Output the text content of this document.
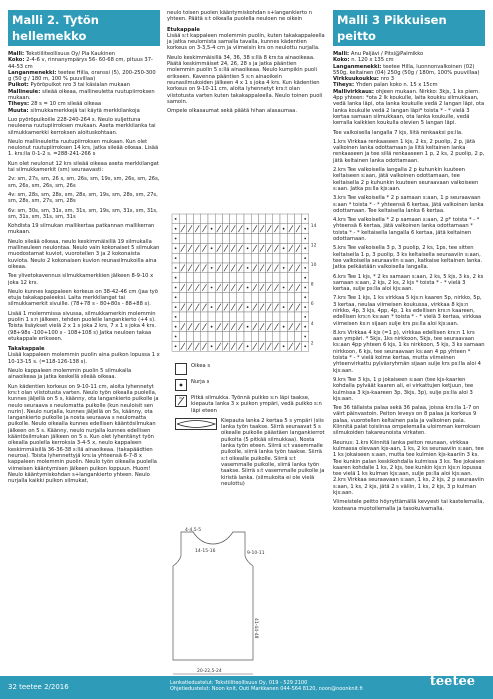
Malli 2. Tytön hellemekko
Malli: Tekstiiliteollisuus Oy/ Pia Kaukinen
Koko: 2-4-6 v, rinnanympärys 56- 60-68 cm, pituus 37-44-53 cm
Langanmenekki: teetee Hilla, oranssi (5), 200-250-300 g (50 g / 180 m, 100 % puuvillaa)
Puikot: Pyöröpuikot nro 3 tai käsialan mukaan
Mallineule: sileää oikeaa, mallineuletta ruutupiirroksen mukaan.
Tiheys: 28 s = 10 cm sileää oikeaa
Muuta: silmukkamerkkejä tai käytä merkkilankoja

Luo pyöröpuikoille 228-240-264 s. Neulo suljettuna neuleena ruutupiirroksen mukaan. Aseta merkkilanka tai silmukkamerkki kerroksen aloituskohtaan.

Neulo mallineuletta ruutupiirroksen mukaan. Kun olet neulonut ruutupiirroksen 14 krs, jatka sileää oikeaa. Lisää 1. krs:lla 0-1-2 s. =288-241-266 s

Kun olet neulonut 12 krs sileää oikeaa aseta merkkilangat tai silmukkamerkit (sm) seuraavasti:

2v: sm, 27s, sm, 26 s, sm, 26s, sm, 19s, sm, 26s, sm, 26s, sm, 26s, sm, 26s, sm, 26s

4v: sm, 28s, sm, 28s, sm, 28s, sm, 19s, sm, 28s, sm, 27s, sm, 28s, sm, 27s, sm, 28s

6v: sm, 30s, sm, 31s, sm, 31s, sm, 19s, sm, 31s, sm, 31s, sm, 31s, sm, 31s, sm, 31s

Kohdista 19 silmukan mallikertaa patkannan mallikerran mukaan.

Neulo sileää oikeaa, neulo keskimmäisillä 19 silmukalla mallineuleen neulontaa. Neulo vain kokonaiset 5 silmukan muodostamat kuviot, vuorotellen 3 ja 2 kokonaista kuviota. Neulo 2 kokonaisen kuvion reunasilmukoilla aina oikeaa.

Tee ylivetokavennus silmukkamerkkien jälkeen 8-9-10 x joka 12 krs.

Neulo kunnes kappaleen korkeus on 38-42-46 cm (jaa työ etuja takakappaleeksi. Laita merkkilangat tai silmukkamerkit sivuille. (78+78 s - 80+80s - 88+88 s).

Lisää 1 molemmissa sivussa, silmukkamerkin molemmin puolin 1 s:n jälkeen, tehden puolelle langankierto (+4 s). Toista lisäykset vielä 2 x 1 s joka 2 krs, 7 x 1 s joka 4 krs. (98+98s -100+100 s - 108+108 s) Jatka neuloen takaa etukappale erikseen.

Takakappale

Lisää kappaleen molemmin puolin aina puikon lopussa 1 x 10-13-15 s. (=118-126-138 s).

Neulo kappaleen molemmin puolin 5 silmukalla ainaoikeaa ja jatka keskellä sileää oikeaa.

Kun kädentien korkeus on 9-10-11 cm, aloita lyhennetyt krs:t olan viistotusta varten. Neulo työn oikealla puolella, kunnes jäljellä on 5 s, käänny, ota langankierto puikolle ja neulo seuraava s neulomatta puikolle (kun neuloisit sen nurin). Neulo nurjalla, kunnes jäljellä on 5s, käänny, ota langankierto puikolle ja nosta seuraava s neulomatta puikolle. Neulo oikealla kunnes edellisen kääntösilmukan jälkeen on 5 s. Käänny, neulo nurjalla kunnes edellisen kääntösilmukan jälkeen on 5 s. Kun olet lyhentänyt työn oikealla puolella kerroksia 3-4-5 x, neulo kappaleen keskimmäisillä 36-36-38 s:llä ainaoikeaa. (takapäädtien neuroa). Toista lyhennettyjä krs:ia yhteensä 6-7-8 x kappaleen molemmin puolin. Neulo työn oikealla puolella viimeisen kääntymisen jälkeen puikon loppuun. Huom! Neulo kääntymiskohdan s+langankierto yhteen. Neulo nurjalla kaikki puikon silmukat,

neulo toisen puolen kääntymiskohdan s+langankierto n yhteen. Päätä s:t oikealla puolella neuloen ne oikein

Etukappale

Lisää s:t kappaleen molemmin puolin, kuten takakappaleella ja jatka neulomista samalla tavalla, kunnes kädentien korkeus on 3-3,5-4 cm ja viimeisin krs on neulottu nurjalla.

Neulo keskimmäisillä 34, 36, 38 s:llä 8 krs:ta ainaoikeaa. Päätä keskimmäiset 24, 26, 28 s ja jatka pääntien molemmin puolin 5 s:llä ainaoikeaa. Neulo kumpikin puoli erikseen. Kavenna pääntien 5 s:n ainaoikein reunasilmukoiden jälkeen 4 x 1 s joka 4 krs. Kun kädentien korkeus on 9-10-11 cm, aloita lyhennetyt krs:t olan viistotusta varten kuten takakappaleella. Neulo toinen puoli samoin.

Ompele olkasaumat sekä päätä hihan alasaumaa.

14
12
10
8
6
4
2
Oikea s
Nurja s
Pitkä silmukka. Työnnä puikko s:n läpi taakse, kiepauta lanka 3 x puikon ympäri, vedä puikko s:n läpi eteen
Kiepauta lanka 2 kertaa 5 s ympäri (siis lanka työn taakse. Siirrä seuraavat 5 s oikealle puikolle päästäen langankierrot puikolta (5 pitkää silmukkaa). Nosta lanka työn eteen. Siirrä s:t vasemmalle puikolle, siirrä lanka työn taakse. Siirrä s:t oikealle puikolle. Siirrä s:t vasemmalle puikolle, siirrä lanka työn taakse. Siirrä s:t vasemmalle puikolle ja kiristä lanka. (silmukoita ei ole vielä neulottu)
4-4,5-5
14-15-16
20-22,5-24
9-10-11
41-44-48
Malli 3 Pikkuisen peitto
Malli: Anu Paljävi / Pitsi@Palmikko
Koko: n. 120 x 135 cm
Langanmenekki: teetee Hilla, luonnonvalkoinen (02) 550g, keltainen (04) 250g (50g / 180m, 100% puuvillaa)
Virkkuukoukku: nro 3
Tiheys: Yhden palan koko n. 15 x 15cm
Mallivirkkaus: ohjeen mukaan. Nirkko: 3kjs, 1 ks piem. 4pp yhteen: *ota 2 lk koukulle, laita koukku silmukkaan, vedä lanka läpi, ota lanka koukulle vedä 2 langan läpi, ota lanka koukulle vedä 2 langan läpi* toista * - * vielä 3 kertaa samaan silmukkaan, ota lanka koukulle, vedä kerralla kaikkien koukulla olevien 5 langan läpi.

Tee valkoisella langalla 7 kjs, liitä renkaaksi ps:lla.

1.krs Virkkaa renkaaseen 1 kjs, 2 ks, 2 puolip, 2 p, jätä valkoinen lanka odottamaan ja liitä keltainen lanka renkaaseen ja tee sillä renkaaseen 1 p, 2 ks, 2 puolip, 2 p, jätä keltainen lanka odottamaan.

2.krs Tee valkoisella langalla 2 p kuhunkin kuuteen keltaiseen s:aan, jätä valkoinen odottamaan, tee keltaisella 2 p kuhunkin kuuteen seuraavaan valkoiseen s:aan. Jatka ps:lla kjs:aan.

3.krs Tee valkoisella * 2 p samaan s:aan, 1 p seuraavaan s:aan * toista * - * yhteensä 6 kertaa, jätä valkoinen lanka odottamaan. Tee keltaisella lanka 6 kertaa.

4.krs Tee valkoisella * 2 p samaan s:aan, 2 p* toista * - * yhteensä 6 kertaa, jätä valkoinen lanka odottamaan * toista * - * keltaisella langalla 6 kertaa, jätä keltainen odottamaan.

5.krs Tee valkoisella 3 p, 3 puolip, 2 ks, 1ps, tee sitten keltaisella 1 p, 3 puolip, 3 ks keltaisella seuraaviin s:aan, tee valkoisella seuraaviin s:aan, katkaise keltainen lanka. Jatka pelkästään valkoisella langalla.

6.krs Tee 1 kjs, * 2 ks samaan s:aan, 2 ks, 5 kjs, 3 ks, 2 ks samaan s:aan, 2 kjs, 2 ks, 2 kjs * toista * - * vielä 3 kertaa, sulje ps:lla aloi kjs:aan.

7.krs Tee 1 kjs, 1 ks virkkaa 5 kjs:n kaaren 5p, nirkko, 5p, 3 kertaa, neulaa viimeisen koukussa, virkkaa 8 kjs:n nirkko, 4p, 3 kjs, 4pp, 4p, 1 ks edellisen krs:n kaareen, edellisen krs:n ks:aan * toista * - * vielä 3 kertaa, virkkaa viimeisen ks:n sijaan sulje krs ps:lla aloi kjs:aan.

8.krs Virkkaa 4 kjs (=1 p), virkkaa edellisen krs:n 1 krs aan ympäri. * 5kjs, 1ks nirkkoon, 5kjs, tee seuraavaan ks:aan 4pp yhteen 6 kjs, 1 ks nirkkoon, 5 kjs, 3 ks samaan nirkkoon, 6 kjs, tee seuraavaan ks:aan 4 pp yhteen * toista * - * vielä kolme kertaa, mutta viimeinen yhteenvirkattu pylväsryhmän sijaan sulje krs ps:lla aloi 4 kjs:aan.

9.krs Tee 3 kjs, 1 p jokaiseen s:aan (tee kjs-kaarien kohdalla pylväät kaaren ali, ei virkattujen ketjuun, tee kulmissa 3 kjs-kaareen 3p, 3kjs, 3p), sulje ps:lla aloi 3 kjs:aan.

Tee 36 tällaista palaa sekä 36 palaa, joissa krs:lla 1-7 on väirt päinvastoin. Peiton leveys on 8 palaa ja korkeus 9 palaa, vuorotellen keltainen pala ja valkoinen pala. Kiinnitä palat toisiinsa ompelemalla uloimman kerroksen silmukoiden takareunoista virkaten.

Reunus: 1.krs Kiinnitä lanka peiton reunaan, virkkaa kulmassa olevaan kjs-aan, 1 ks, 2 ks seuraaviin s:aan, tee 1 ks jokaiseen s:aan, mutta tee kulmien kjs-kaariin 3 ks. Tee kunkin palan keskikohdalla kulmissa 3 ks. Tee jokaisen kaaren kohdalle 1 ks, 2 kjs, tee kunkin kjs:n kjs:n lopussa tee vielä 1 ks kulman kjs:aan, sulje ps:lla aloi kjs:aan. 2.krs Virkkaa seuraavaan s:aan, 1 ks, 2 kjs, 2 p seuraaviin s:aan, 1 ks, 2 kjs, jätä 2 s väliin, 1 ks, 2 kjs, 3 p kulman kjs:aan.

Viimeistele peitto höyryttämällä kevyesti tai kastelemalla, kosteana muotoilemalla ja tasokuivamalla.

32 teetee 2/2016	Lankatiedustelut: Tekstiiliteollisuus Oy, 019 - 529 2100
Ohjetiedustelut: Noon knit, Outi Markkanen 044-564 8120, noon@noonknit.fi	teetee
